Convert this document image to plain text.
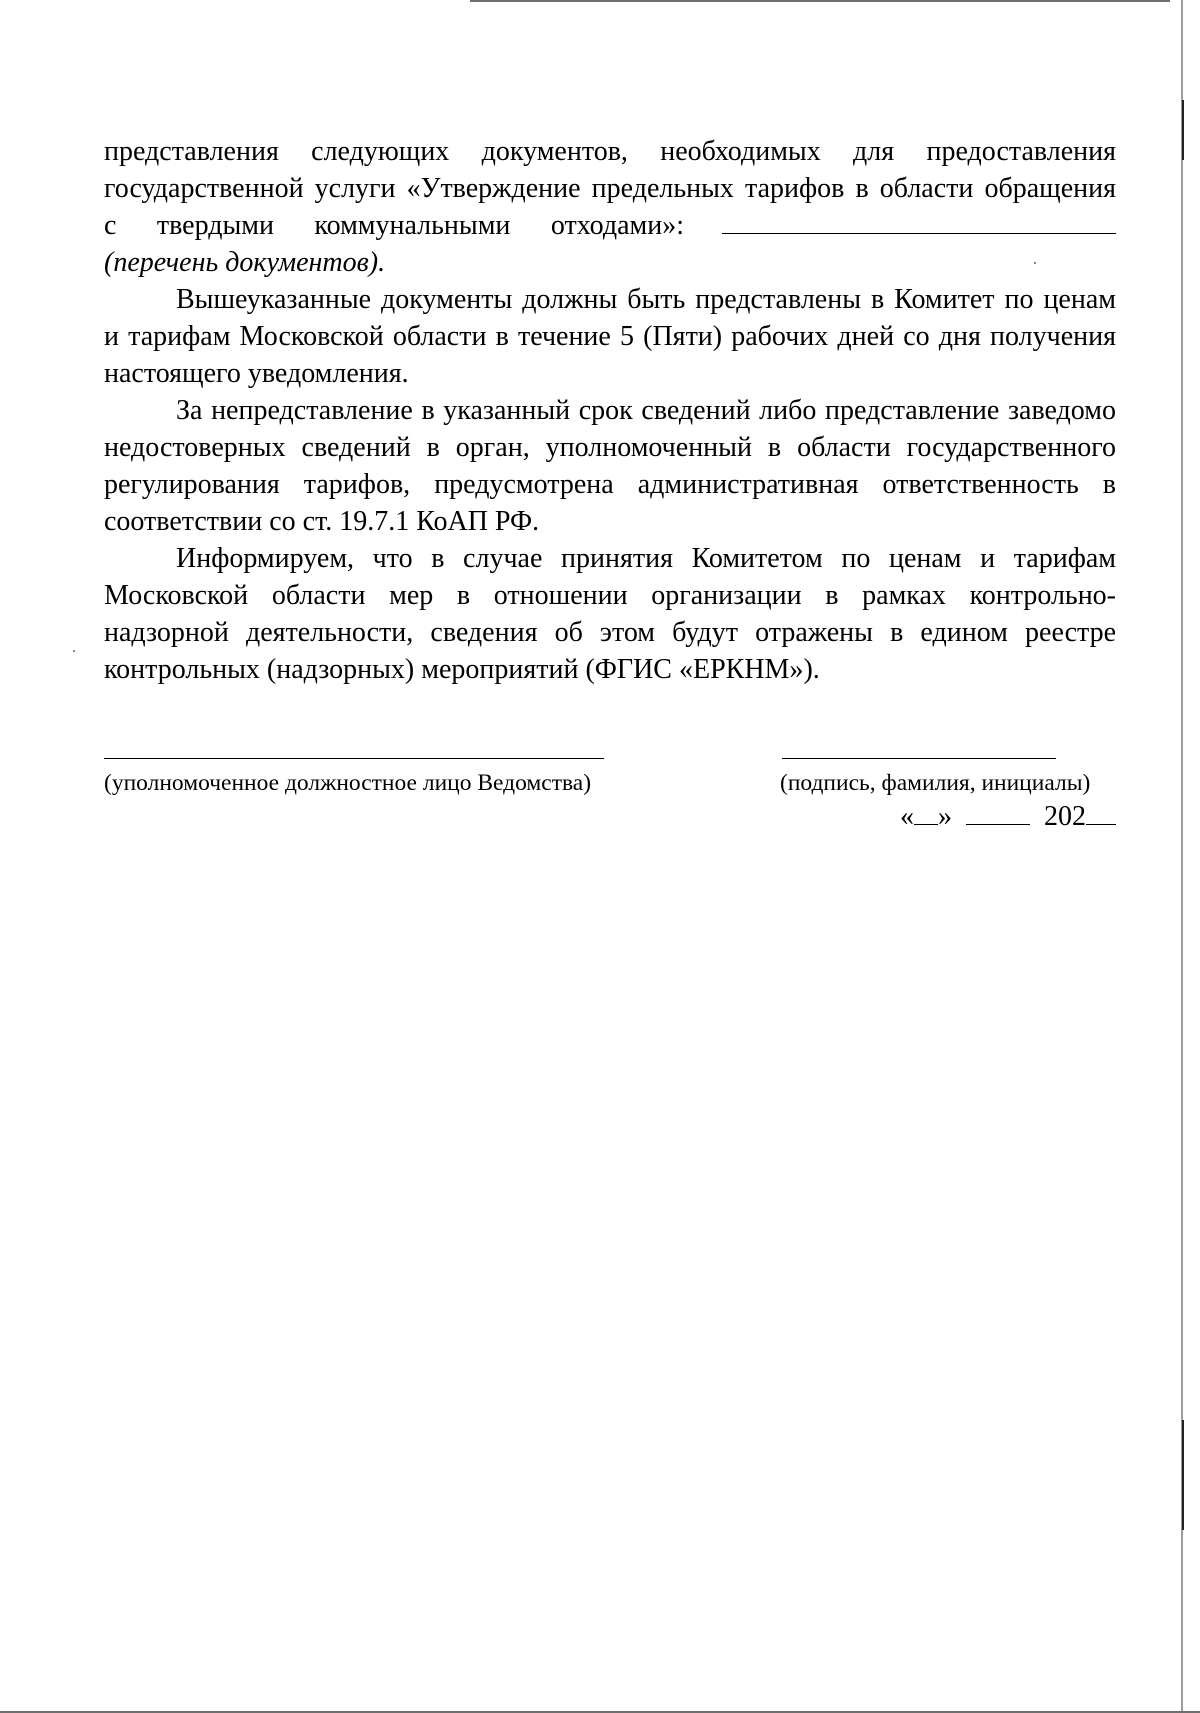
представления следующих документов, необходимых для предоставления
государственной услуги «Утверждение предельных тарифов в области обращения
с твердыми коммунальными отходами»:
(перечень документов).
Вышеуказанные документы должны быть представлены в Комитет по ценам
и тарифам Московской области в течение 5 (Пяти) рабочих дней со дня получения
настоящего уведомления.
За непредставление в указанный срок сведений либо представление заведомо
недостоверных сведений в орган, уполномоченный в области государственного
регулирования тарифов, предусмотрена административная ответственность в
соответствии со ст. 19.7.1 КоАП РФ.
Информируем, что в случае принятия Комитетом по ценам и тарифам
Московской области мер в отношении организации в рамках контрольно-
надзорной деятельности, сведения об этом будут отражены в едином реестре
контрольных (надзорных) мероприятий (ФГИС «ЕРКНМ»).
(уполномоченное должностное лицо Ведомства)	(подпись, фамилия, инициалы)
« »	202
